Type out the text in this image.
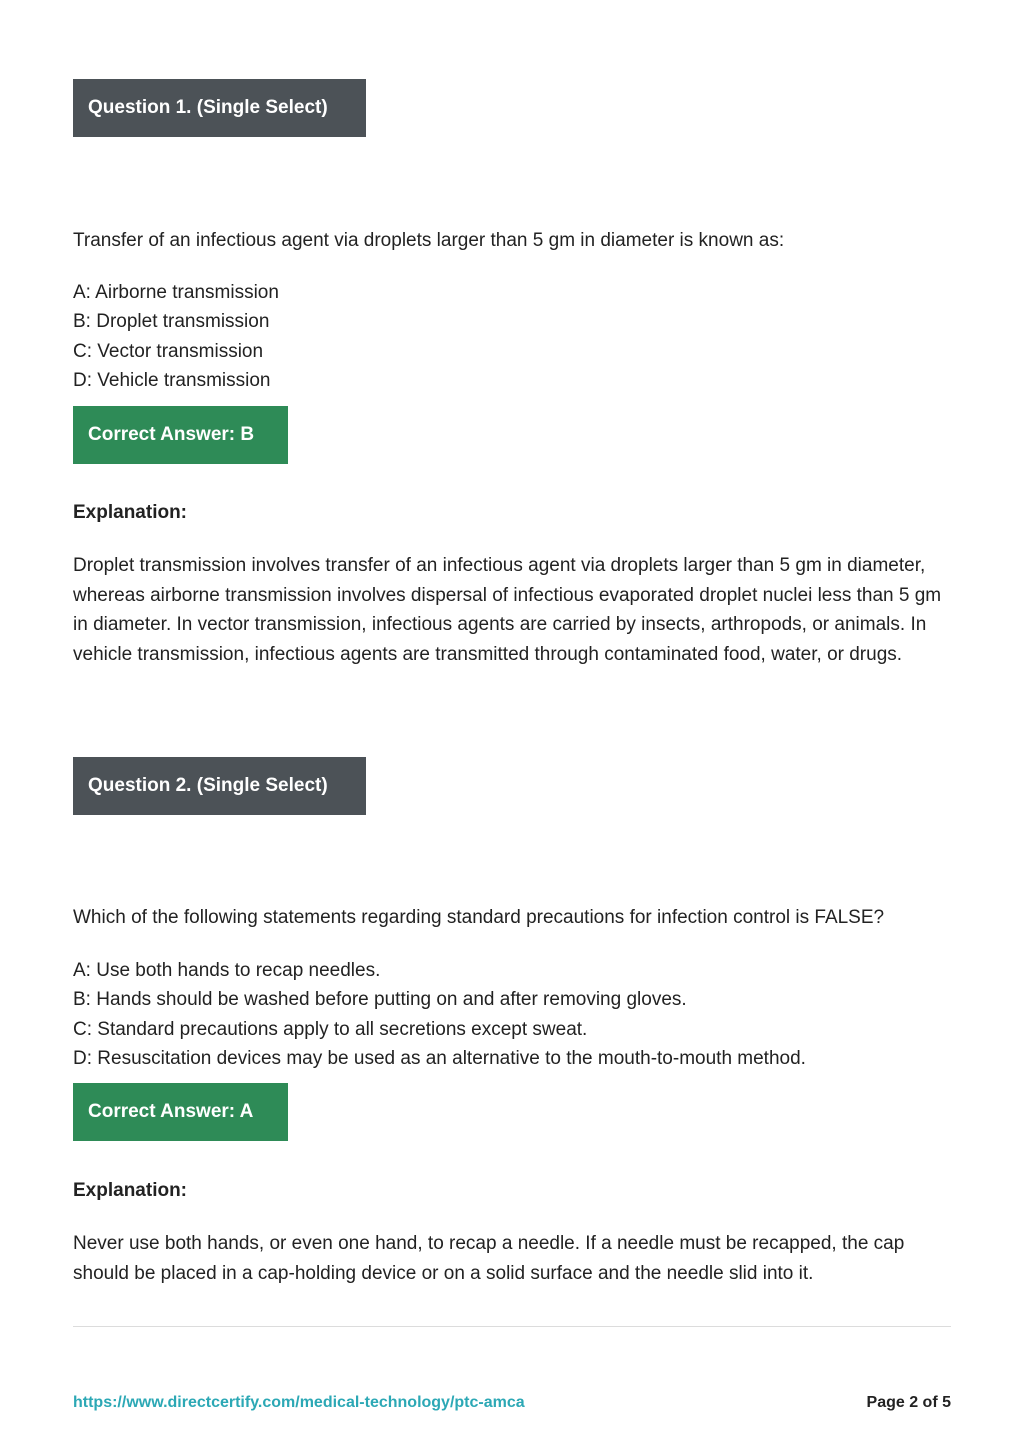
Question 1. (Single Select)
Transfer of an infectious agent via droplets larger than 5 gm in diameter is known as:
A: Airborne transmission
B: Droplet transmission
C: Vector transmission
D: Vehicle transmission
Correct Answer: B
Explanation:
Droplet transmission involves transfer of an infectious agent via droplets larger than 5 gm in diameter, whereas airborne transmission involves dispersal of infectious evaporated droplet nuclei less than 5 gm in diameter. In vector transmission, infectious agents are carried by insects, arthropods, or animals. In vehicle transmission, infectious agents are transmitted through contaminated food, water, or drugs.
Question 2. (Single Select)
Which of the following statements regarding standard precautions for infection control is FALSE?
A: Use both hands to recap needles.
B: Hands should be washed before putting on and after removing gloves.
C: Standard precautions apply to all secretions except sweat.
D: Resuscitation devices may be used as an alternative to the mouth-to-mouth method.
Correct Answer: A
Explanation:
Never use both hands, or even one hand, to recap a needle. If a needle must be recapped, the cap should be placed in a cap-holding device or on a solid surface and the needle slid into it.
https://www.directcertify.com/medical-technology/ptc-amca	Page 2 of 5
